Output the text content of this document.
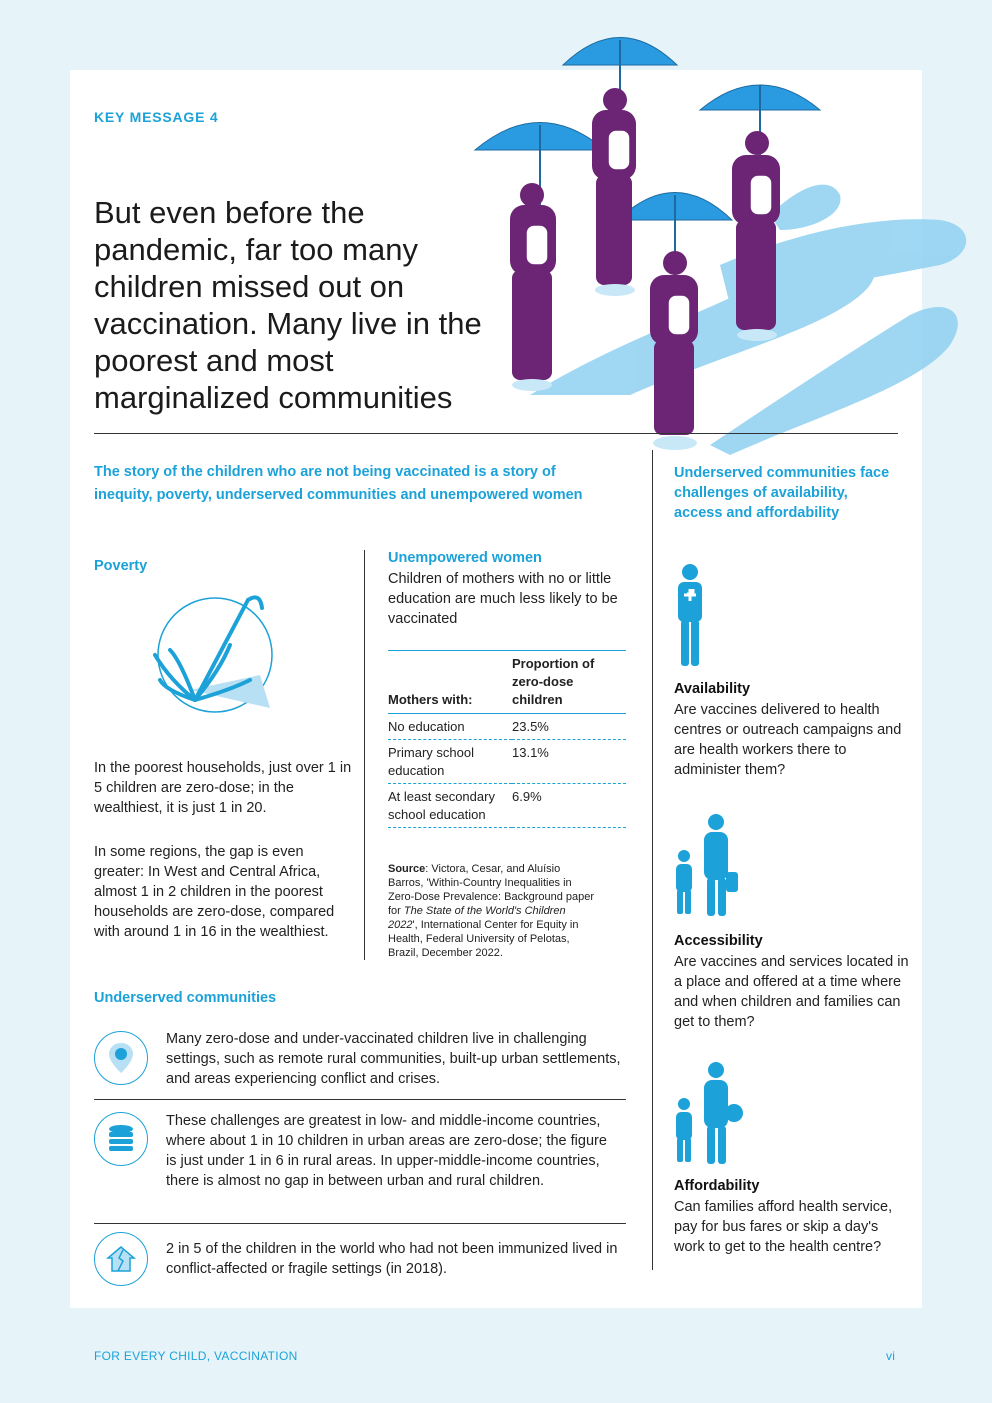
KEY MESSAGE 4
But even before the pandemic, far too many children missed out on vaccination. Many live in the poorest and most marginalized communities
The story of the children who are not being vaccinated is a story of inequity, poverty, underserved communities and unempowered women
Poverty
In the poorest households, just over 1 in 5 children are zero-dose; in the wealthiest, it is just 1 in 20.
In some regions, the gap is even greater: In West and Central Africa, almost 1 in 2 children in the poorest households are zero-dose, compared with around 1 in 16 in the wealthiest.
Unempowered women
Children of mothers with no or little education are much less likely to be vaccinated
Mothers with:	Proportion of zero-dose children
No education	23.5%
Primary school education	13.1%
At least secondary school education	6.9%
Source: Victora, Cesar, and Aluísio Barros, 'Within-Country Inequalities in Zero-Dose Prevalence: Background paper for The State of the World's Children 2022', International Center for Equity in Health, Federal University of Pelotas, Brazil, December 2022.
Underserved communities
Many zero-dose and under-vaccinated children live in challenging settings, such as remote rural communities, built-up urban settlements, and areas experiencing conflict and crises.
These challenges are greatest in low- and middle-income countries, where about 1 in 10 children in urban areas are zero-dose; the figure is just under 1 in 6 in rural areas. In upper-middle-income countries, there is almost no gap in between urban and rural children.
2 in 5 of the children in the world who had not been immunized lived in conflict-affected or fragile settings (in 2018).
Underserved communities face challenges of availability, access and affordability
Availability
Are vaccines delivered to health centres or outreach campaigns and are health workers there to administer them?
Accessibility
Are vaccines and services located in a place and offered at a time where and when children and families can get to them?
Affordability
Can families afford health service, pay for bus fares or skip a day's work to get to the health centre?
FOR EVERY CHILD, VACCINATION	vi
